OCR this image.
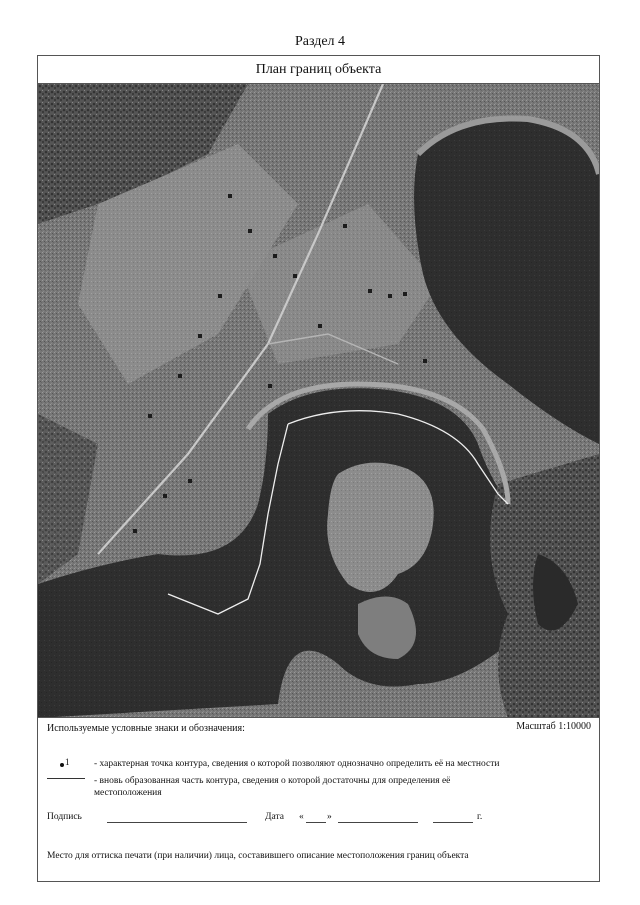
Раздел 4
План границ объекта
Используемые условные знаки и обозначения:	Масштаб 1:10000
1	- характерная точка контура, сведения о которой позволяют однозначно определить её на местности
- вновь образованная часть контура, сведения о которой достаточны для определения её
местоположения
Подпись	Дата « »	г.
Место для оттиска печати (при наличии) лица, составившего описание местоположения границ объекта
